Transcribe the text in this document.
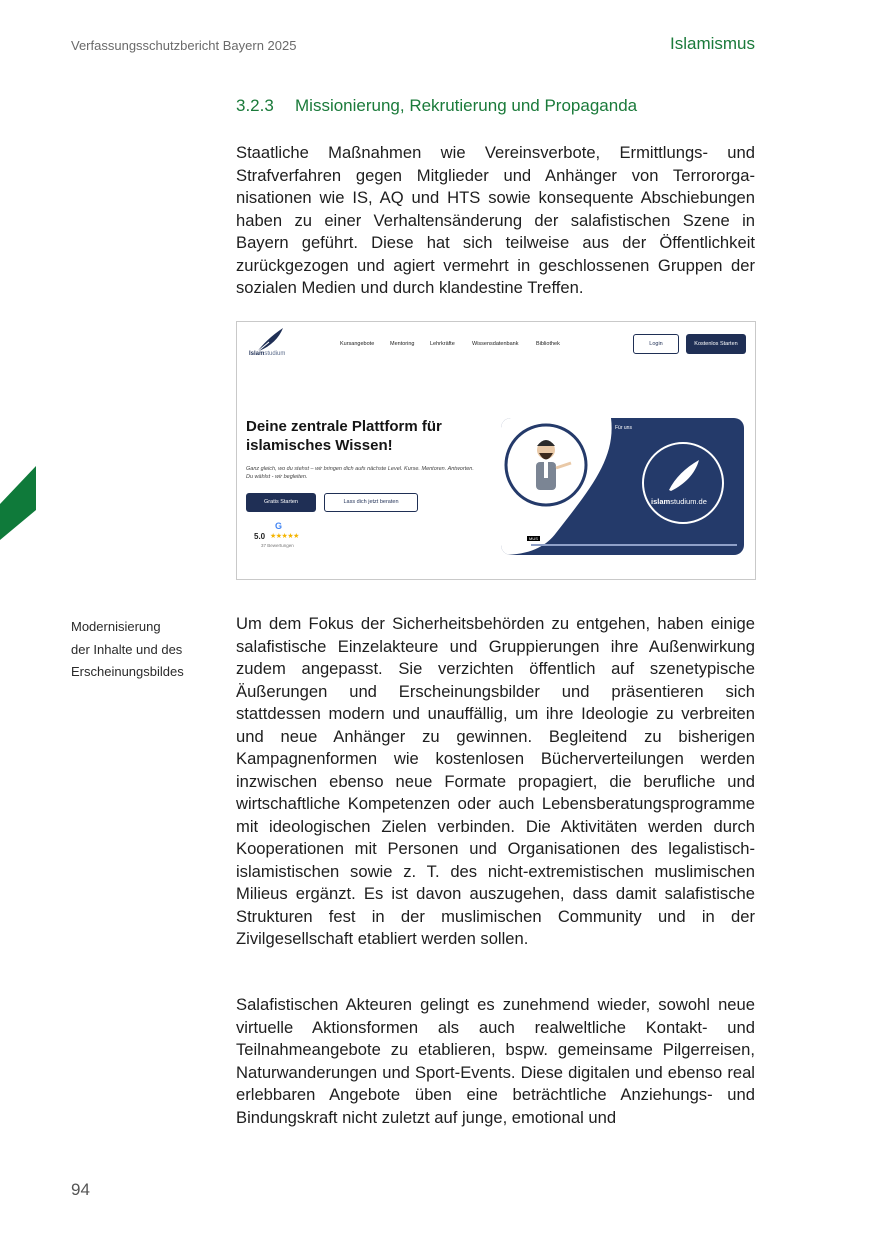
Verfassungsschutzbericht Bayern 2025	Islamismus
3.2.3 Missionierung, Rekrutierung und Propaganda
Staatliche Maßnahmen wie Vereinsverbote, Ermittlungs- und Strafverfahren gegen Mitglieder und Anhänger von Terrororganisationen wie IS, AQ und HTS sowie konsequente Abschiebungen haben zu einer Verhaltensänderung der salafistischen Szene in Bayern geführt. Diese hat sich teilweise aus der Öffentlichkeit zurückgezogen und agiert vermehrt in geschlossenen Gruppen der sozialen Medien und durch klandestine Treffen.
Islamstudium
Kursangebote	Mentoring	Lehrkräfte	Wissensdatenbank	Bibliothek	Login	Kostenlos Starten
Deine zentrale Plattform für islamisches Wissen!
Ganz gleich, wo du stehst – wir bringen dich aufs nächste Level. Kurse. Mentoren. Antworten. Du wählst - wir begleiten.
Gratis Starten	Lass dich jetzt beraten
G
5.0 ★★★★★
37 Bewertungen
Für uns
islamstudium.de
MUS
Modernisierung
der Inhalte und des
Erscheinungsbildes
Um dem Fokus der Sicherheitsbehörden zu entgehen, haben einige salafistische Einzelakteure und Gruppierungen ihre Außenwirkung zudem angepasst. Sie verzichten öffentlich auf szenetypische Äußerungen und Erscheinungsbilder und präsentieren sich stattdessen modern und unauffällig, um ihre Ideologie zu verbreiten und neue Anhänger zu gewinnen. Begleitend zu bisherigen Kampagnenformen wie kostenlosen Bücherverteilungen werden inzwischen ebenso neue Formate propagiert, die berufliche und wirtschaftliche Kompetenzen oder auch Lebensberatungsprogramme mit ideologischen Zielen verbinden. Die Aktivitäten werden durch Kooperationen mit Personen und Organisationen des legalistisch-islamistischen sowie z. T. des nicht-extremistischen muslimischen Milieus ergänzt. Es ist davon auszugehen, dass damit salafistische Strukturen fest in der muslimischen Community und in der Zivilgesellschaft etabliert werden sollen.
Salafistischen Akteuren gelingt es zunehmend wieder, sowohl neue virtuelle Aktionsformen als auch realweltliche Kontakt- und Teilnahmeangebote zu etablieren, bspw. gemeinsame Pilgerreisen, Naturwanderungen und Sport-Events. Diese digitalen und ebenso real erlebbaren Angebote üben eine beträchtliche Anziehungs- und Bindungskraft nicht zuletzt auf junge, emotional und
94
